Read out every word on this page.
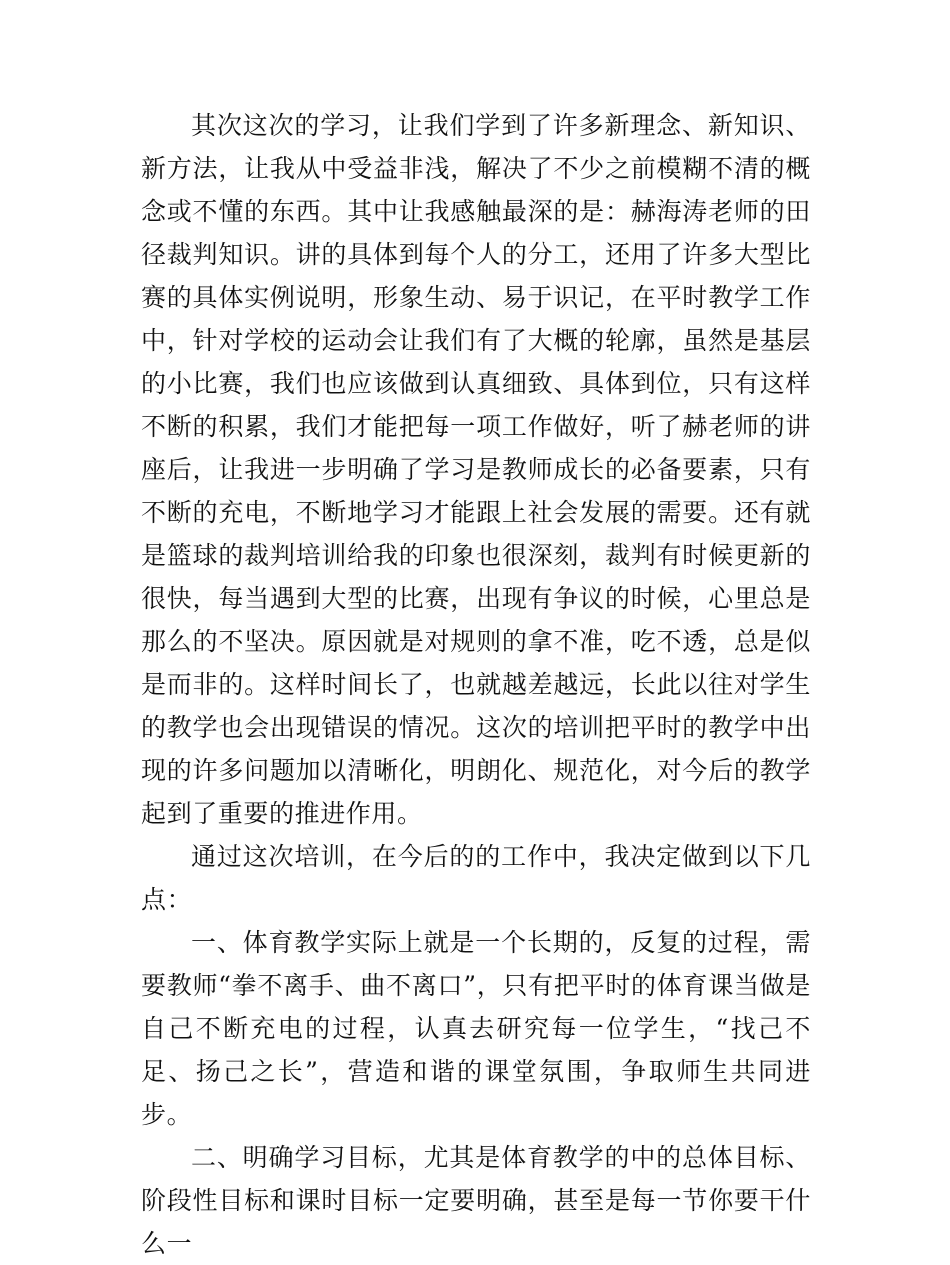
其次这次的学习，让我们学到了许多新理念、新知识、新方法，让我从中受益非浅，解决了不少之前模糊不清的概念或不懂的东西。其中让我感触最深的是：赫海涛老师的田径裁判知识。讲的具体到每个人的分工，还用了许多大型比赛的具体实例说明，形象生动、易于识记，在平时教学工作中，针对学校的运动会让我们有了大概的轮廓，虽然是基层的小比赛，我们也应该做到认真细致、具体到位，只有这样不断的积累，我们才能把每一项工作做好，听了赫老师的讲座后，让我进一步明确了学习是教师成长的必备要素，只有不断的充电，不断地学习才能跟上社会发展的需要。还有就是篮球的裁判培训给我的印象也很深刻，裁判有时候更新的很快，每当遇到大型的比赛，出现有争议的时候，心里总是那么的不坚决。原因就是对规则的拿不准，吃不透，总是似是而非的。这样时间长了，也就越差越远，长此以往对学生的教学也会出现错误的情况。这次的培训把平时的教学中出现的许多问题加以清晰化，明朗化、规范化，对今后的教学起到了重要的推进作用。

通过这次培训，在今后的的工作中，我决定做到以下几点：

一、体育教学实际上就是一个长期的，反复的过程，需要教师“拳不离手、曲不离口”，只有把平时的体育课当做是自己不断充电的过程，认真去研究每一位学生，“找己不足、扬己之长”，营造和谐的课堂氛围，争取师生共同进步。

二、明确学习目标，尤其是体育教学的中的总体目标、阶段性目标和课时目标一定要明确，甚至是每一节你要干什么一
